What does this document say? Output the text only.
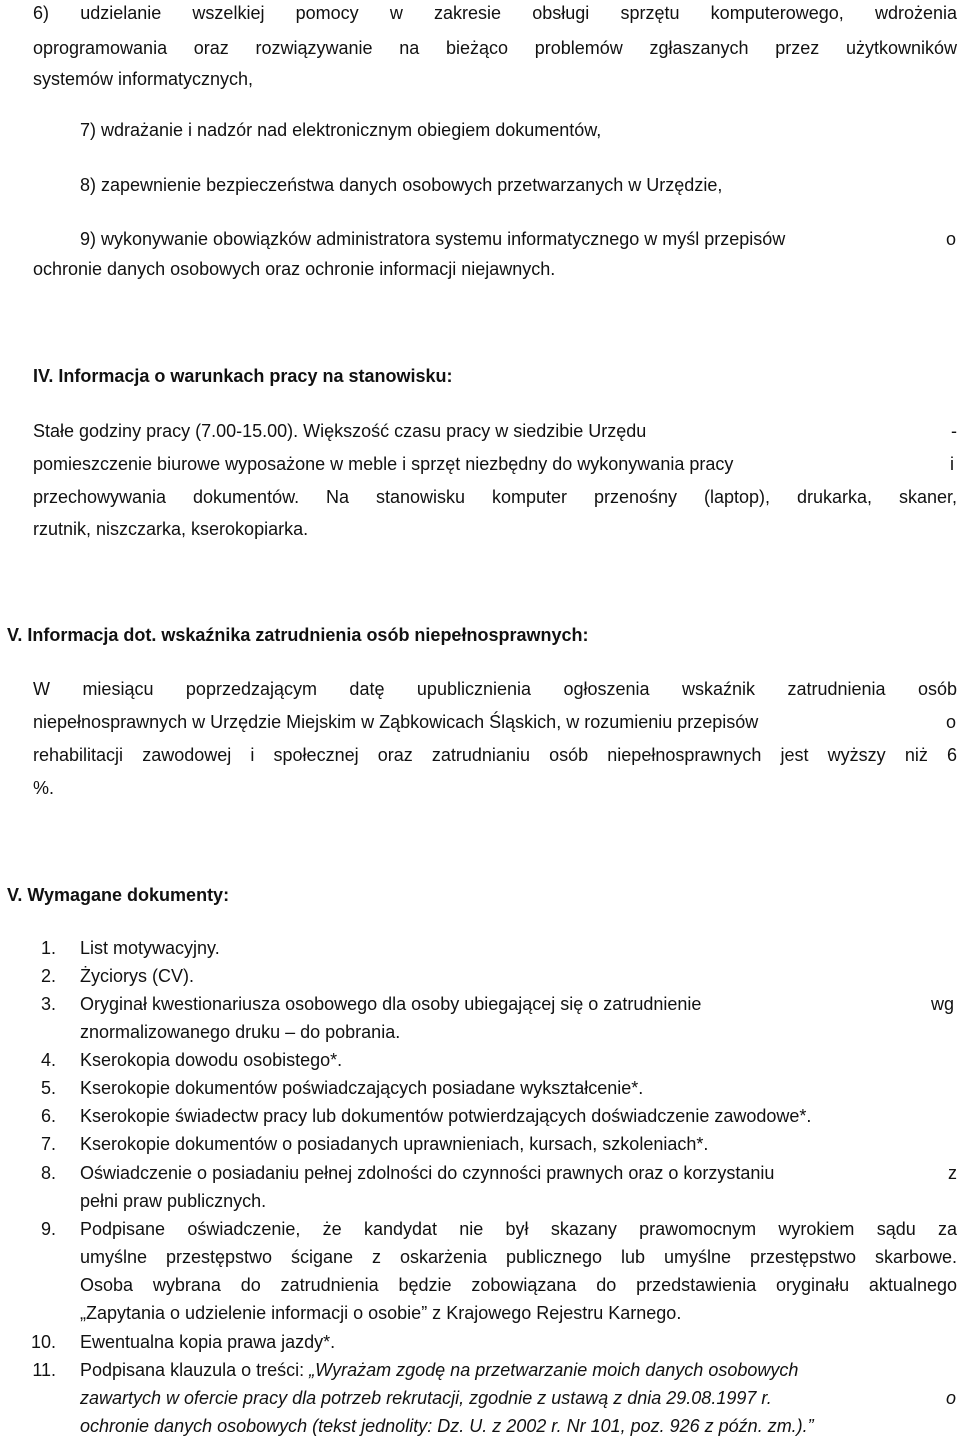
6) udzielanie wszelkiej pomocy w zakresie obsługi sprzętu komputerowego, wdrożenia
oprogramowania oraz rozwiązywanie na bieżąco problemów zgłaszanych przez użytkowników
systemów informatycznych,
7) wdrażanie i nadzór nad elektronicznym obiegiem dokumentów,
8) zapewnienie bezpieczeństwa danych osobowych przetwarzanych w Urzędzie,
9) wykonywanie obowiązków administratora systemu informatycznego w myśl przepisów	o
ochronie danych osobowych oraz ochronie informacji niejawnych.
IV. Informacja o warunkach pracy na stanowisku:
Stałe godziny pracy (7.00-15.00). Większość czasu pracy w siedzibie Urzędu	-
pomieszczenie biurowe wyposażone w meble i sprzęt niezbędny do wykonywania pracy	i
przechowywania dokumentów. Na stanowisku komputer przenośny (laptop), drukarka, skaner,
rzutnik, niszczarka, kserokopiarka.
V. Informacja dot. wskaźnika zatrudnienia osób niepełnosprawnych:
W miesiącu poprzedzającym datę upublicznienia ogłoszenia wskaźnik zatrudnienia osób
niepełnosprawnych w Urzędzie Miejskim w Ząbkowicach Śląskich, w rozumieniu przepisów	o
rehabilitacji zawodowej i społecznej oraz zatrudnianiu osób niepełnosprawnych jest wyższy niż 6
%.
V. Wymagane dokumenty:
1. List motywacyjny.
2. Życiorys (CV).
3. Oryginał kwestionariusza osobowego dla osoby ubiegającej się o zatrudnienie	wg
znormalizowanego druku – do pobrania.
4. Kserokopia dowodu osobistego*.
5. Kserokopie dokumentów poświadczających posiadane wykształcenie*.
6. Kserokopie świadectw pracy lub dokumentów potwierdzających doświadczenie zawodowe*.
7. Kserokopie dokumentów o posiadanych uprawnieniach, kursach, szkoleniach*.
8. Oświadczenie o posiadaniu pełnej zdolności do czynności prawnych oraz o korzystaniu	z
pełni praw publicznych.
9. Podpisane oświadczenie, że kandydat nie był skazany prawomocnym wyrokiem sądu za
umyślne przestępstwo ścigane z oskarżenia publicznego lub umyślne przestępstwo skarbowe.
Osoba wybrana do zatrudnienia będzie zobowiązana do przedstawienia oryginału aktualnego
„Zapytania o udzielenie informacji o osobie” z Krajowego Rejestru Karnego.
10. Ewentualna kopia prawa jazdy*.
11. Podpisana klauzula o treści: „Wyrażam zgodę na przetwarzanie moich danych osobowych
zawartych w ofercie pracy dla potrzeb rekrutacji, zgodnie z ustawą z dnia 29.08.1997 r.	o
ochronie danych osobowych (tekst jednolity: Dz. U. z 2002 r. Nr 101, poz. 926 z późn. zm.).”
